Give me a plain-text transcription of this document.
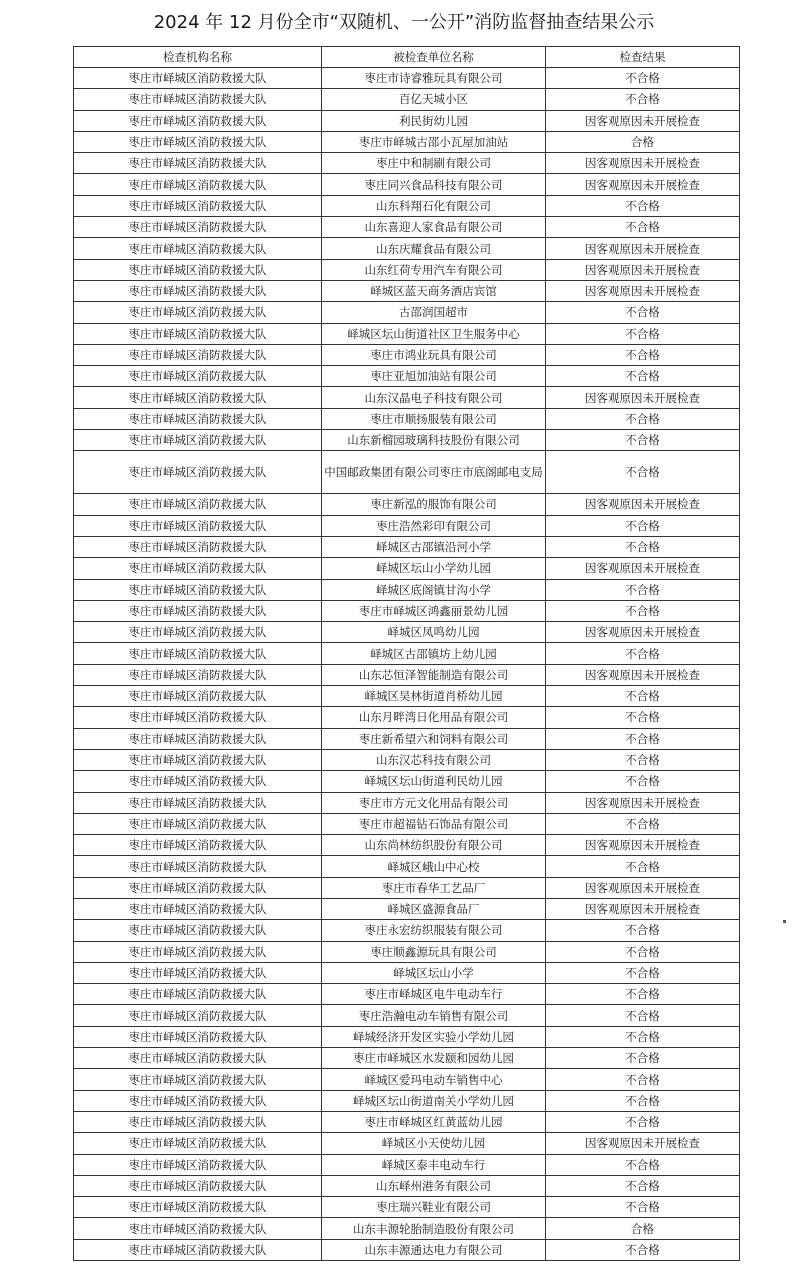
2024 年 12 月份全市“双随机、一公开”消防监督抽查结果公示
检查机构名称	被检查单位名称	检查结果
枣庄市峄城区消防救援大队	枣庄市诗睿雅玩具有限公司	不合格
枣庄市峄城区消防救援大队	百亿天城小区	不合格
枣庄市峄城区消防救援大队	利民街幼儿园	因客观原因未开展检查
枣庄市峄城区消防救援大队	枣庄市峄城古邵小瓦屋加油站	合格
枣庄市峄城区消防救援大队	枣庄中和制刷有限公司	因客观原因未开展检查
枣庄市峄城区消防救援大队	枣庄同兴食品科技有限公司	因客观原因未开展检查
枣庄市峄城区消防救援大队	山东科翔石化有限公司	不合格
枣庄市峄城区消防救援大队	山东喜迎人家食品有限公司	不合格
枣庄市峄城区消防救援大队	山东庆耀食品有限公司	因客观原因未开展检查
枣庄市峄城区消防救援大队	山东红荷专用汽车有限公司	因客观原因未开展检查
枣庄市峄城区消防救援大队	峄城区蓝天商务酒店宾馆	因客观原因未开展检查
枣庄市峄城区消防救援大队	古邵润国超市	不合格
枣庄市峄城区消防救援大队	峄城区坛山街道社区卫生服务中心	不合格
枣庄市峄城区消防救援大队	枣庄市鸿业玩具有限公司	不合格
枣庄市峄城区消防救援大队	枣庄亚旭加油站有限公司	不合格
枣庄市峄城区消防救援大队	山东汉晶电子科技有限公司	因客观原因未开展检查
枣庄市峄城区消防救援大队	枣庄市顺扬服装有限公司	不合格
枣庄市峄城区消防救援大队	山东新榴园玻璃科技股份有限公司	不合格
枣庄市峄城区消防救援大队	中国邮政集团有限公司枣庄市底阁邮电支局	不合格
枣庄市峄城区消防救援大队	枣庄新泓的服饰有限公司	因客观原因未开展检查
枣庄市峄城区消防救援大队	枣庄浩然彩印有限公司	不合格
枣庄市峄城区消防救援大队	峄城区古邵镇沿河小学	不合格
枣庄市峄城区消防救援大队	峄城区坛山小学幼儿园	因客观原因未开展检查
枣庄市峄城区消防救援大队	峄城区底阁镇甘沟小学	不合格
枣庄市峄城区消防救援大队	枣庄市峄城区鸿鑫丽景幼儿园	不合格
枣庄市峄城区消防救援大队	峄城区凤鸣幼儿园	因客观原因未开展检查
枣庄市峄城区消防救援大队	峄城区古邵镇坊上幼儿园	不合格
枣庄市峄城区消防救援大队	山东芯恒泽智能制造有限公司	因客观原因未开展检查
枣庄市峄城区消防救援大队	峄城区吴林街道肖桥幼儿园	不合格
枣庄市峄城区消防救援大队	山东月畔湾日化用品有限公司	不合格
枣庄市峄城区消防救援大队	枣庄新希望六和饲料有限公司	不合格
枣庄市峄城区消防救援大队	山东汉芯科技有限公司	不合格
枣庄市峄城区消防救援大队	峄城区坛山街道利民幼儿园	不合格
枣庄市峄城区消防救援大队	枣庄市方元文化用品有限公司	因客观原因未开展检查
枣庄市峄城区消防救援大队	枣庄市超福钻石饰品有限公司	不合格
枣庄市峄城区消防救援大队	山东尚林纺织股份有限公司	因客观原因未开展检查
枣庄市峄城区消防救援大队	峄城区峨山中心校	不合格
枣庄市峄城区消防救援大队	枣庄市春华工艺品厂	因客观原因未开展检查
枣庄市峄城区消防救援大队	峄城区盛源食品厂	因客观原因未开展检查
枣庄市峄城区消防救援大队	枣庄永宏纺织服装有限公司	不合格
枣庄市峄城区消防救援大队	枣庄顺鑫源玩具有限公司	不合格
枣庄市峄城区消防救援大队	峄城区坛山小学	不合格
枣庄市峄城区消防救援大队	枣庄市峄城区电牛电动车行	不合格
枣庄市峄城区消防救援大队	枣庄浩瀚电动车销售有限公司	不合格
枣庄市峄城区消防救援大队	峄城经济开发区实验小学幼儿园	不合格
枣庄市峄城区消防救援大队	枣庄市峄城区水发颐和园幼儿园	不合格
枣庄市峄城区消防救援大队	峄城区爱玛电动车销售中心	不合格
枣庄市峄城区消防救援大队	峄城区坛山街道南关小学幼儿园	不合格
枣庄市峄城区消防救援大队	枣庄市峄城区红黄蓝幼儿园	不合格
枣庄市峄城区消防救援大队	峄城区小天使幼儿园	因客观原因未开展检查
枣庄市峄城区消防救援大队	峄城区泰丰电动车行	不合格
枣庄市峄城区消防救援大队	山东峄州港务有限公司	不合格
枣庄市峄城区消防救援大队	枣庄瑞兴鞋业有限公司	不合格
枣庄市峄城区消防救援大队	山东丰源轮胎制造股份有限公司	合格
枣庄市峄城区消防救援大队	山东丰源通达电力有限公司	不合格
